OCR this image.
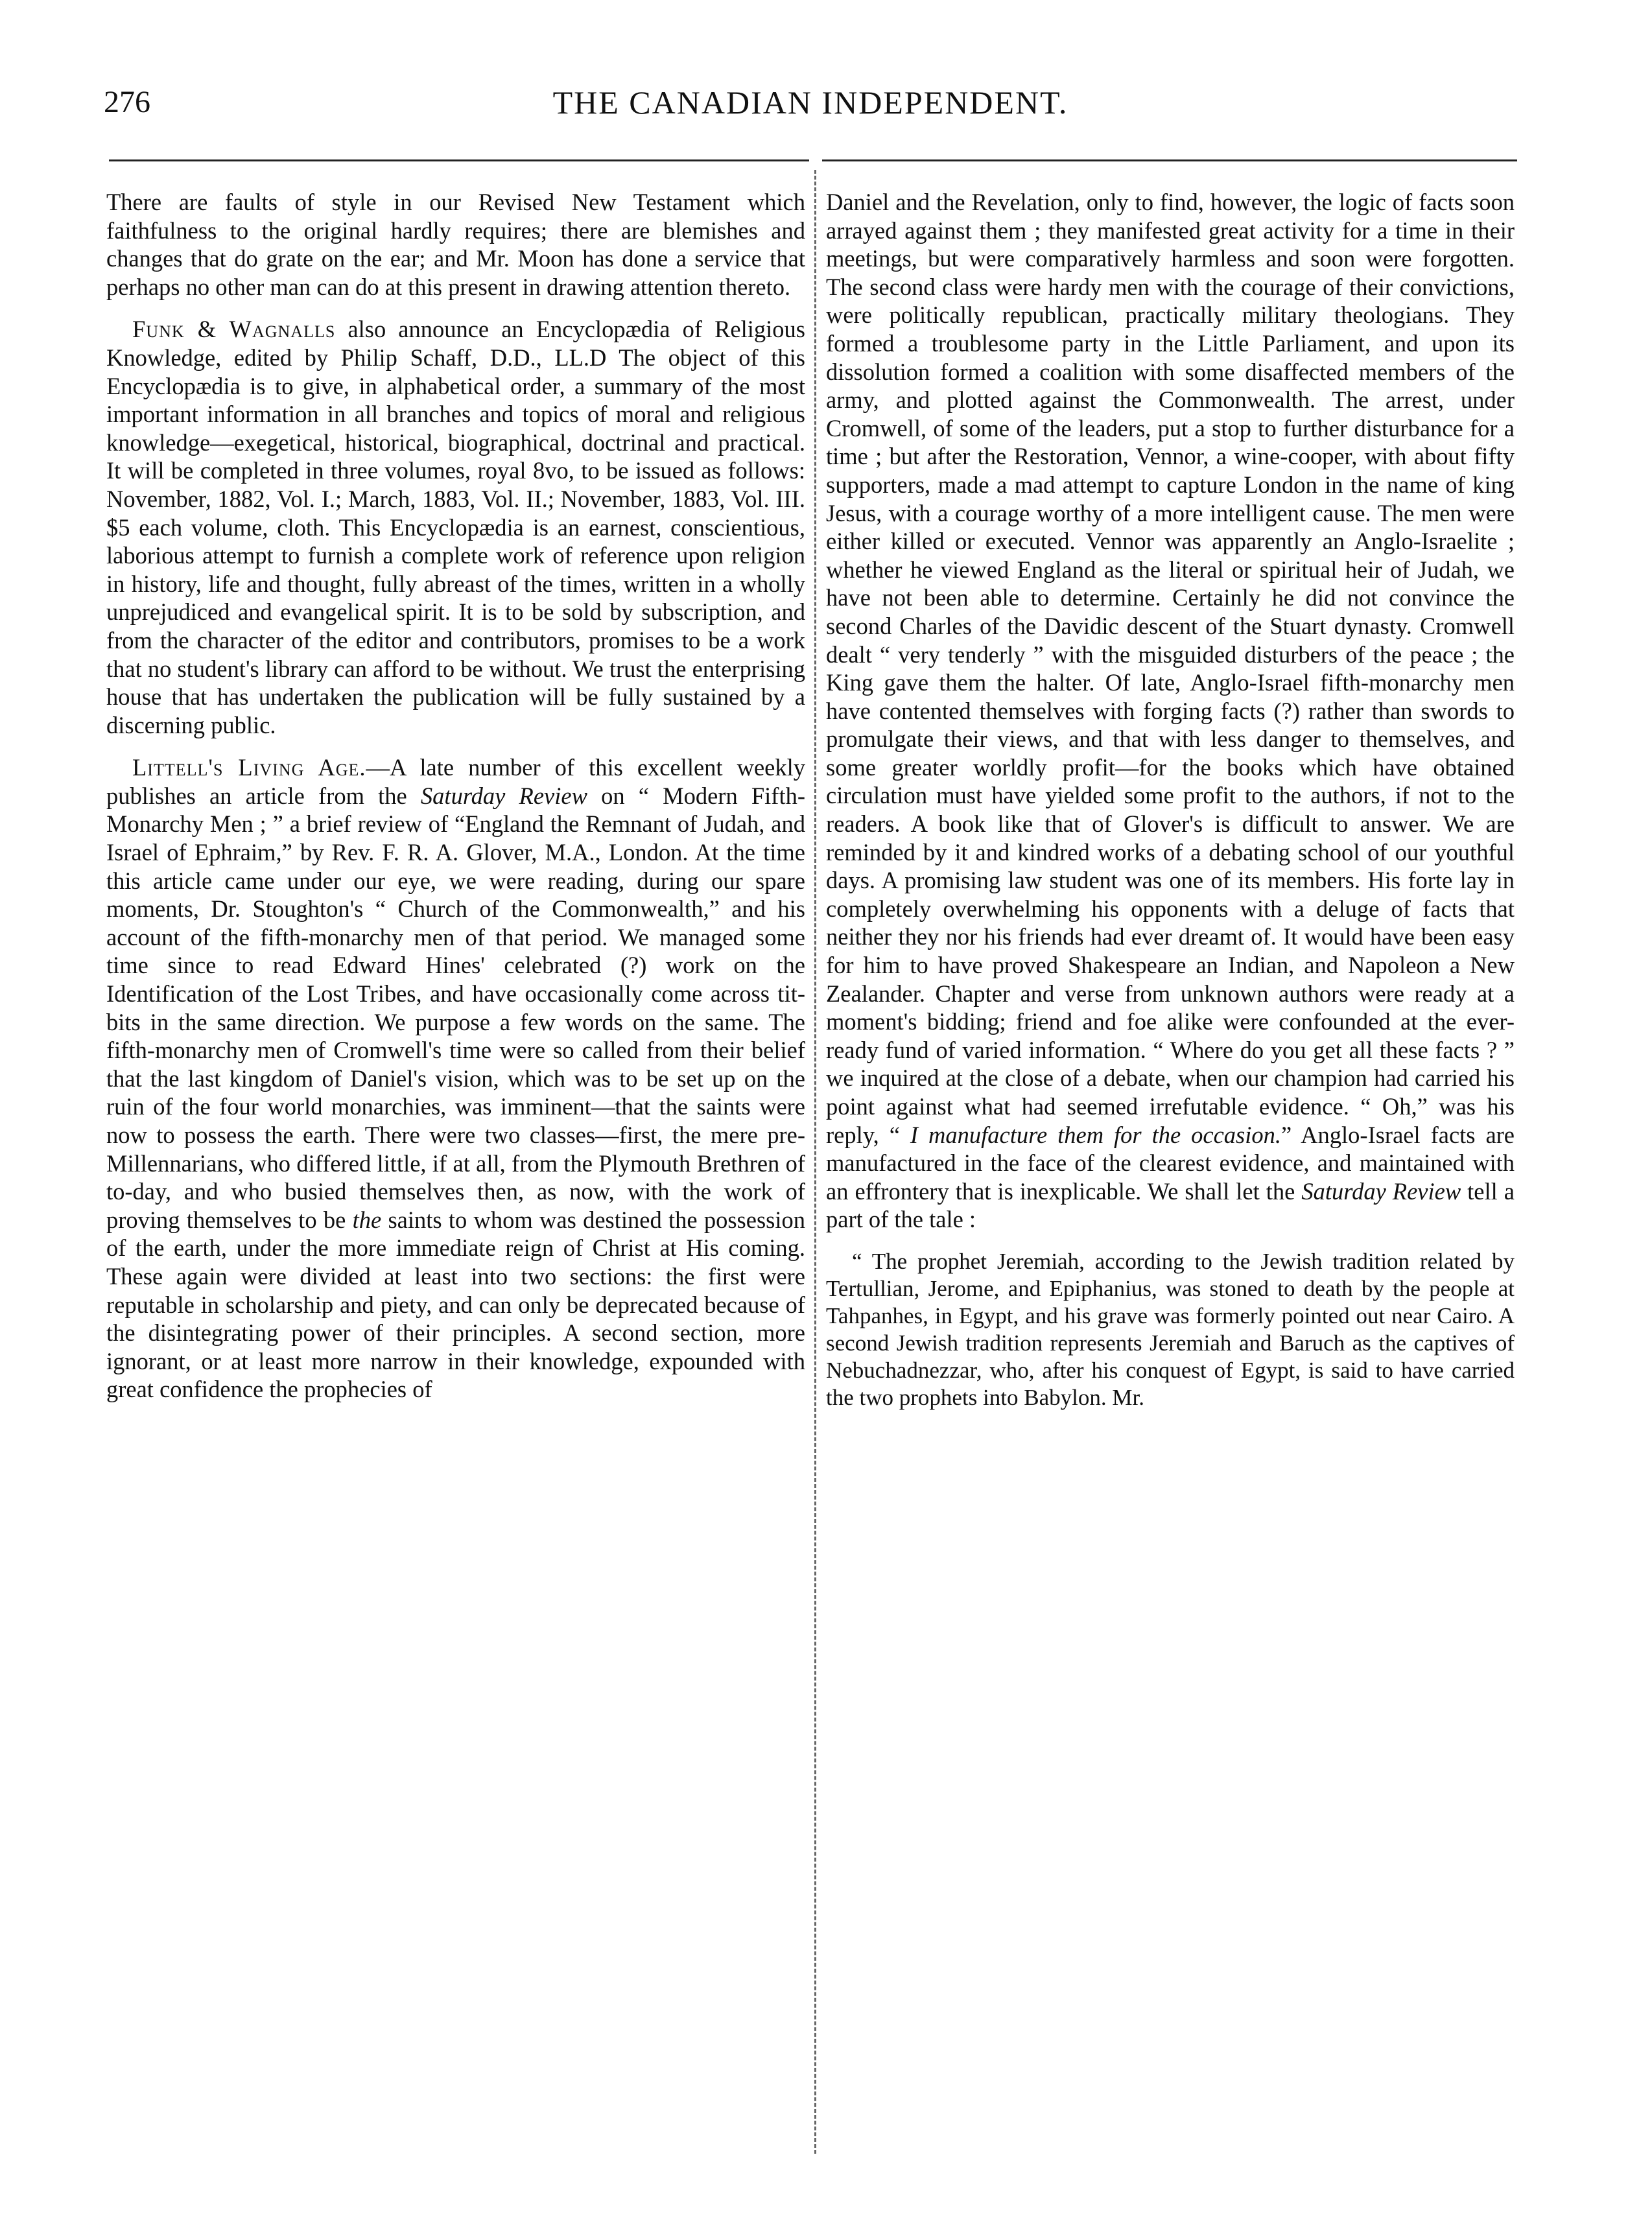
276	THE CANADIAN INDEPENDENT.

There are faults of style in our Revised New Testament which faithfulness to the original hardly requires; there are blemishes and changes that do grate on the ear; and Mr. Moon has done a service that perhaps no other man can do at this present in drawing attention thereto.

Funk & Wagnalls also announce an Encyclopædia of Religious Knowledge, edited by Philip Schaff, D.D., LL.D The object of this Encyclopædia is to give, in alphabetical order, a summary of the most important information in all branches and topics of moral and religious knowledge—exegetical, historical, biographical, doctrinal and practical. It will be completed in three volumes, royal 8vo, to be issued as follows: November, 1882, Vol. I.; March, 1883, Vol. II.; November, 1883, Vol. III. $5 each volume, cloth. This Encyclopædia is an earnest, conscientious, laborious attempt to furnish a complete work of reference upon religion in history, life and thought, fully abreast of the times, written in a wholly unprejudiced and evangelical spirit. It is to be sold by subscription, and from the character of the editor and contributors, promises to be a work that no student's library can afford to be without. We trust the enterprising house that has undertaken the publication will be fully sustained by a discerning public.

Littell's Living Age.—A late number of this excellent weekly publishes an article from the Saturday Review on “ Modern Fifth-Monarchy Men ; ” a brief review of “England the Remnant of Judah, and Israel of Ephraim,” by Rev. F. R. A. Glover, M.A., London. At the time this article came under our eye, we were reading, during our spare moments, Dr. Stoughton's “ Church of the Commonwealth,” and his account of the fifth-monarchy men of that period. We managed some time since to read Edward Hines' celebrated (?) work on the Identification of the Lost Tribes, and have occasionally come across tit-bits in the same direction. We purpose a few words on the same. The fifth-monarchy men of Cromwell's time were so called from their belief that the last kingdom of Daniel's vision, which was to be set up on the ruin of the four world monarchies, was imminent—that the saints were now to possess the earth. There were two classes—first, the mere pre-Millennarians, who differed little, if at all, from the Plymouth Brethren of to-day, and who busied themselves then, as now, with the work of proving themselves to be the saints to whom was destined the possession of the earth, under the more immediate reign of Christ at His coming. These again were divided at least into two sections: the first were reputable in scholarship and piety, and can only be deprecated because of the disintegrating power of their principles. A second section, more ignorant, or at least more narrow in their knowledge, expounded with great confidence the prophecies of

Daniel and the Revelation, only to find, however, the logic of facts soon arrayed against them ; they manifested great activity for a time in their meetings, but were comparatively harmless and soon were forgotten. The second class were hardy men with the courage of their convictions, were politically republican, practically military theologians. They formed a troublesome party in the Little Parliament, and upon its dissolution formed a coalition with some disaffected members of the army, and plotted against the Commonwealth. The arrest, under Cromwell, of some of the leaders, put a stop to further disturbance for a time ; but after the Restoration, Vennor, a wine-cooper, with about fifty supporters, made a mad attempt to capture London in the name of king Jesus, with a courage worthy of a more intelligent cause. The men were either killed or executed. Vennor was apparently an Anglo-Israelite ; whether he viewed England as the literal or spiritual heir of Judah, we have not been able to determine. Certainly he did not convince the second Charles of the Davidic descent of the Stuart dynasty. Cromwell dealt “ very tenderly ” with the misguided disturbers of the peace ; the King gave them the halter. Of late, Anglo-Israel fifth-monarchy men have contented themselves with forging facts (?) rather than swords to promulgate their views, and that with less danger to themselves, and some greater worldly profit—for the books which have obtained circulation must have yielded some profit to the authors, if not to the readers. A book like that of Glover's is difficult to answer. We are reminded by it and kindred works of a debating school of our youthful days. A promising law student was one of its members. His forte lay in completely overwhelming his opponents with a deluge of facts that neither they nor his friends had ever dreamt of. It would have been easy for him to have proved Shakespeare an Indian, and Napoleon a New Zealander. Chapter and verse from unknown authors were ready at a moment's bidding; friend and foe alike were confounded at the ever-ready fund of varied information. “ Where do you get all these facts ? ” we inquired at the close of a debate, when our champion had carried his point against what had seemed irrefutable evidence. “ Oh,” was his reply, “ I manufacture them for the occasion.” Anglo-Israel facts are manufactured in the face of the clearest evidence, and maintained with an effrontery that is inexplicable. We shall let the Saturday Review tell a part of the tale :

“ The prophet Jeremiah, according to the Jewish tradition related by Tertullian, Jerome, and Epiphanius, was stoned to death by the people at Tahpanhes, in Egypt, and his grave was formerly pointed out near Cairo. A second Jewish tradition represents Jeremiah and Baruch as the captives of Nebuchadnezzar, who, after his conquest of Egypt, is said to have carried the two prophets into Babylon. Mr.
